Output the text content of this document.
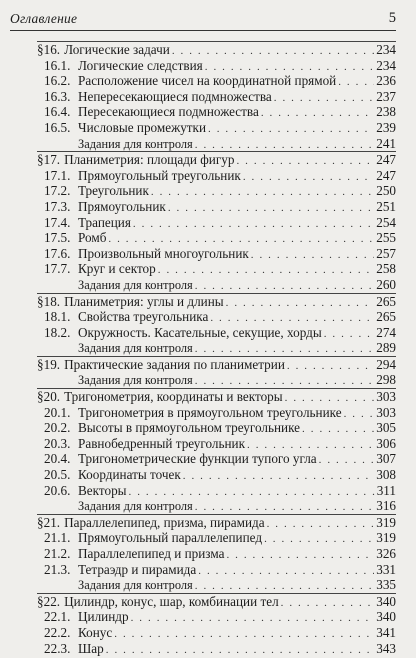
Оглавление	5
§16. Логические задачи . . .	234
16.1. Логические следствия . . .	234
16.2. Расположение чисел на координатной прямой . . .	236
16.3. Непересекающиеся подмножества . . .	237
16.4. Пересекающиеся подмножества . . .	238
16.5. Числовые промежутки . . .	239
Задания для контроля . . .	241
§17. Планиметрия: площади фигур . . .	247
17.1. Прямоугольный треугольник . . .	247
17.2. Треугольник . . .	250
17.3. Прямоугольник . . .	251
17.4. Трапеция . . .	254
17.5. Ромб . . .	255
17.6. Произвольный многоугольник . . .	257
17.7. Круг и сектор . . .	258
Задания для контроля . . .	260
§18. Планиметрия: углы и длины . . .	265
18.1. Свойства треугольника . . .	265
18.2. Окружность. Касательные, секущие, хорды . . .	274
Задания для контроля . . .	289
§19. Практические задания по планиметрии . . .	294
Задания для контроля . . .	298
§20. Тригонометрия, координаты и векторы . . .	303
20.1. Тригонометрия в прямоугольном треугольнике . . .	303
20.2. Высоты в прямоугольном треугольнике . . .	305
20.3. Равнобедренный треугольник . . .	306
20.4. Тригонометрические функции тупого угла . . .	307
20.5. Координаты точек . . .	308
20.6. Векторы . . .	311
Задания для контроля . . .	316
§21. Параллелепипед, призма, пирамида . . .	319
21.1. Прямоугольный параллелепипед . . .	319
21.2. Параллелепипед и призма . . .	326
21.3. Тетраэдр и пирамида . . .	331
Задания для контроля . . .	335
§22. Цилиндр, конус, шар, комбинации тел . . .	340
22.1. Цилиндр . . .	340
22.2. Конус . . .	341
22.3. Шар . . .	343
